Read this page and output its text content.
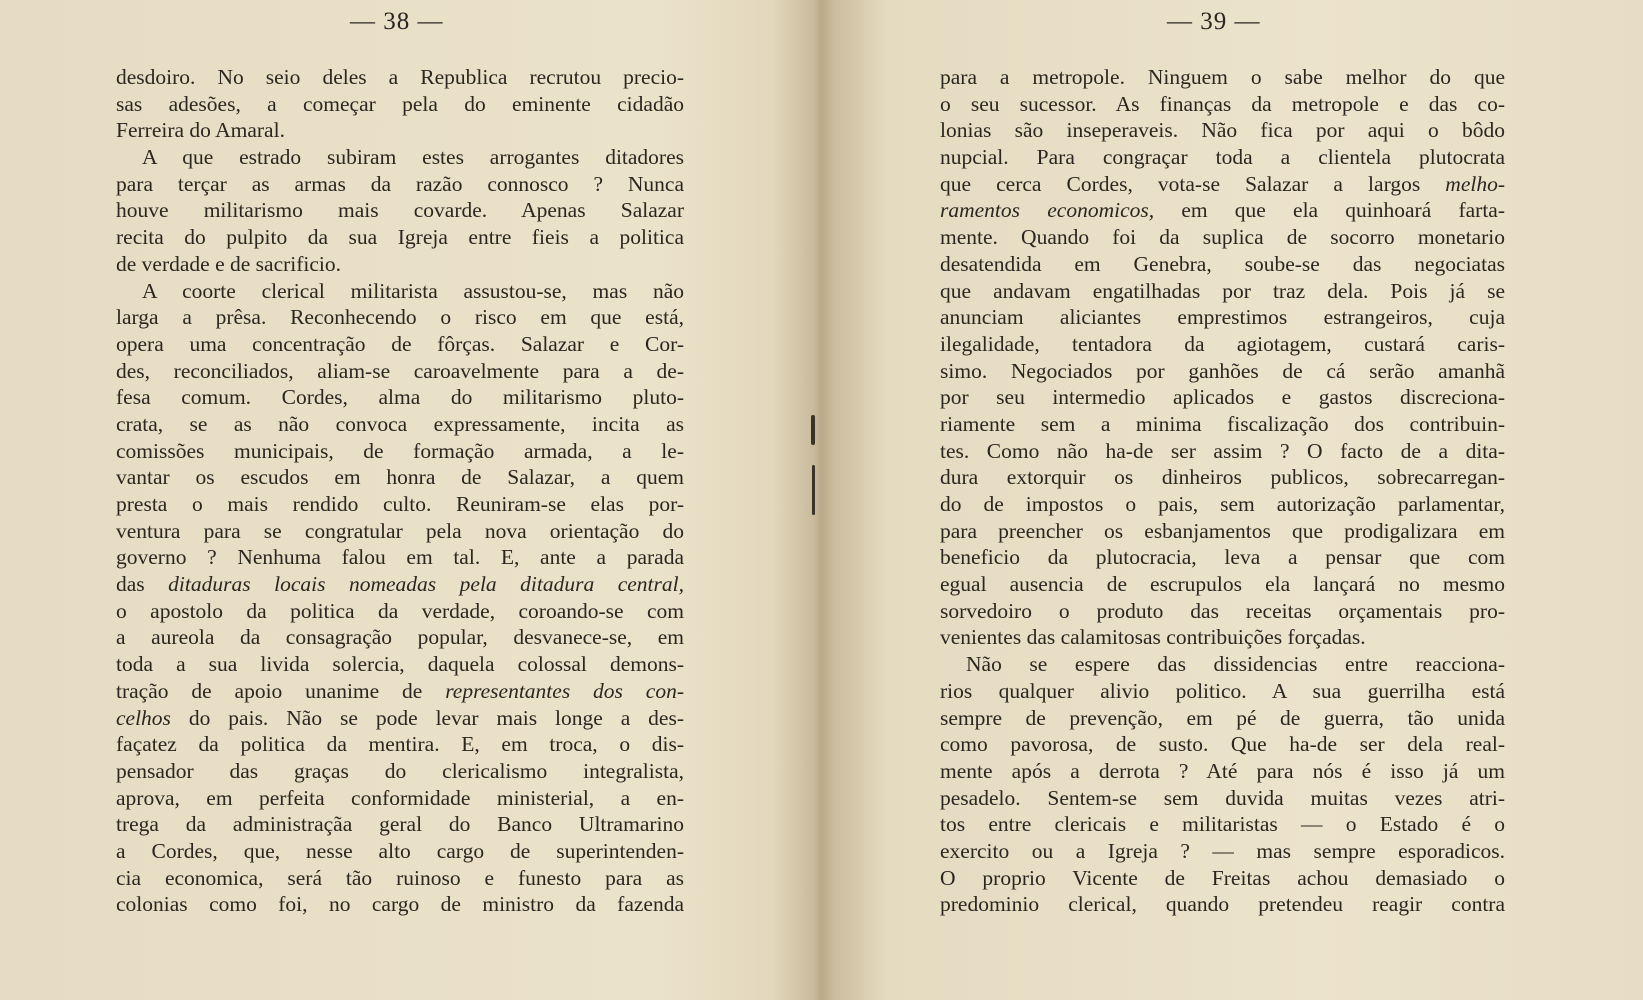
— 38 —
desdoiro. No seio deles a Republica recrutou precio-
sas adesões, a começar pela do eminente cidadão
Ferreira do Amaral.
A que estrado subiram estes arrogantes ditadores
para terçar as armas da razão connosco ? Nunca
houve militarismo mais covarde. Apenas Salazar
recita do pulpito da sua Igreja entre fieis a politica
de verdade e de sacrificio.
A coorte clerical militarista assustou-se, mas não
larga a prêsa. Reconhecendo o risco em que está,
opera uma concentração de fôrças. Salazar e Cor-
des, reconciliados, aliam-se caroavelmente para a de-
fesa comum. Cordes, alma do militarismo pluto-
crata, se as não convoca expressamente, incita as
comissões municipais, de formação armada, a le-
vantar os escudos em honra de Salazar, a quem
presta o mais rendido culto. Reuniram-se elas por-
ventura para se congratular pela nova orientação do
governo ? Nenhuma falou em tal. E, ante a parada
das ditaduras locais nomeadas pela ditadura central,
o apostolo da politica da verdade, coroando-se com
a aureola da consagração popular, desvanece-se, em
toda a sua livida solercia, daquela colossal demons-
tração de apoio unanime de representantes dos con-
celhos do pais. Não se pode levar mais longe a des-
façatez da politica da mentira. E, em troca, o dis-
pensador das graças do clericalismo integralista,
aprova, em perfeita conformidade ministerial, a en-
trega da administraçãa geral do Banco Ultramarino
a Cordes, que, nesse alto cargo de superintenden-
cia economica, será tão ruinoso e funesto para as
colonias como foi, no cargo de ministro da fazenda
— 39 —
para a metropole. Ninguem o sabe melhor do que
o seu sucessor. As finanças da metropole e das co-
lonias são inseperaveis. Não fica por aqui o bôdo
nupcial. Para congraçar toda a clientela plutocrata
que cerca Cordes, vota-se Salazar a largos melho-
ramentos economicos, em que ela quinhoará farta-
mente. Quando foi da suplica de socorro monetario
desatendida em Genebra, soube-se das negociatas
que andavam engatilhadas por traz dela. Pois já se
anunciam aliciantes emprestimos estrangeiros, cuja
ilegalidade, tentadora da agiotagem, custará caris-
simo. Negociados por ganhões de cá serão amanhã
por seu intermedio aplicados e gastos discreciona-
riamente sem a minima fiscalização dos contribuin-
tes. Como não ha-de ser assim ? O facto de a dita-
dura extorquir os dinheiros publicos, sobrecarregan-
do de impostos o pais, sem autorização parlamentar,
para preencher os esbanjamentos que prodigalizara em
beneficio da plutocracia, leva a pensar que com
egual ausencia de escrupulos ela lançará no mesmo
sorvedoiro o produto das receitas orçamentais pro-
venientes das calamitosas contribuições forçadas.
Não se espere das dissidencias entre reacciona-
rios qualquer alivio politico. A sua guerrilha está
sempre de prevenção, em pé de guerra, tão unida
como pavorosa, de susto. Que ha-de ser dela real-
mente após a derrota ? Até para nós é isso já um
pesadelo. Sentem-se sem duvida muitas vezes atri-
tos entre clericais e militaristas — o Estado é o
exercito ou a Igreja ? — mas sempre esporadicos.
O proprio Vicente de Freitas achou demasiado o
predominio clerical, quando pretendeu reagir contra
